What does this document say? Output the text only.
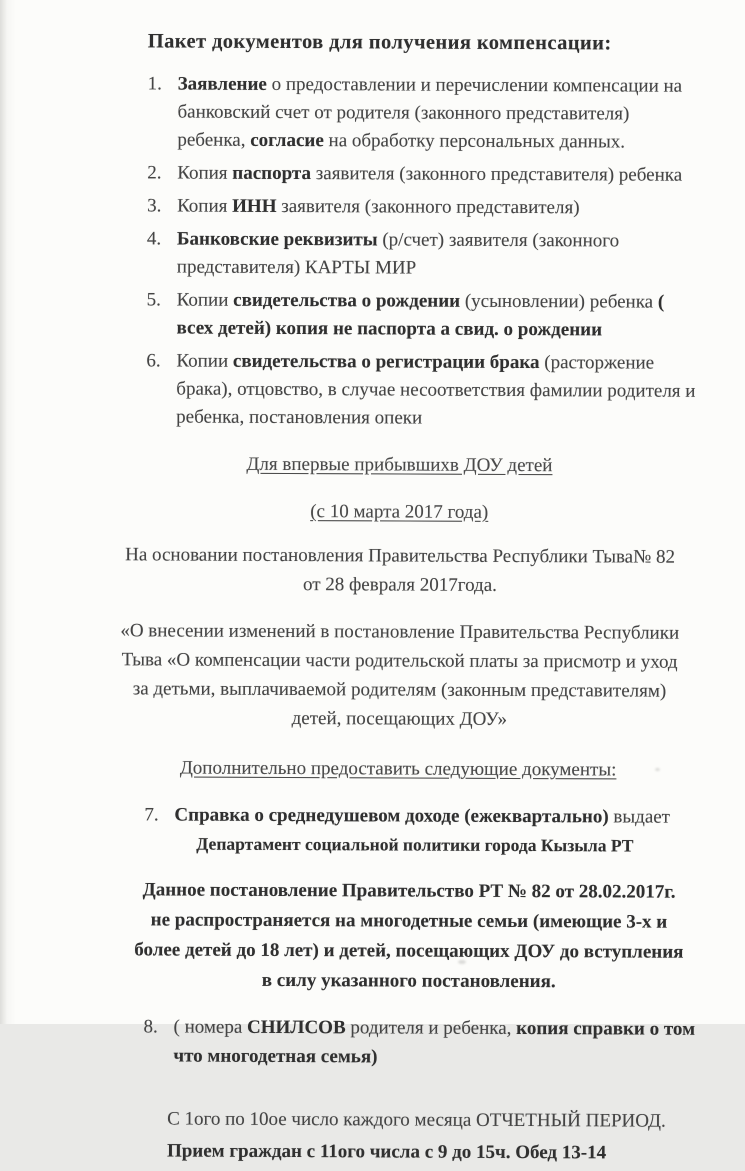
Пакет документов для получения компенсации:
1. Заявление о предоставлении и перечислении компенсации на банковский счет от родителя (законного представителя) ребенка, согласие на обработку персональных данных.
2. Копия паспорта заявителя (законного представителя) ребенка
3. Копия ИНН заявителя (законного представителя)
4. Банковские реквизиты (р/счет) заявителя (законного представителя) КАРТЫ МИР
5. Копии свидетельства о рождении (усыновлении) ребенка ( всех детей) копия не паспорта а свид. о рождении
6. Копии свидетельства о регистрации брака (расторжение брака), отцовство, в случае несоответствия фамилии родителя и ребенка, постановления опеки
Для впервые прибывшихв ДОУ детей
(с 10 марта 2017 года)
На основании постановления Правительства Республики Тыва№ 82 от 28 февраля 2017года.
«О внесении изменений в постановление Правительства Республики Тыва «О компенсации части родительской платы за присмотр и уход за детьми, выплачиваемой родителям (законным представителям) детей, посещающих ДОУ»
Дополнительно предоставить следующие документы:
7. Справка о среднедушевом доходе (ежеквартально) выдает
Департамент социальной политики города Кызыла РТ
Данное постановление Правительство РТ № 82 от 28.02.2017г. не распространяется на многодетные семьи (имеющие 3-х и более детей до 18 лет) и детей, посещающих ДОУ до вступления в силу указанного постановления.
8. ( номера СНИЛСОВ родителя и ребенка, копия справки о том что многодетная семья)
С 1ого по 10ое число каждого месяца ОТЧЕТНЫЙ ПЕРИОД.
Прием граждан с 11ого числа с 9 до 15ч. Обед 13-14
